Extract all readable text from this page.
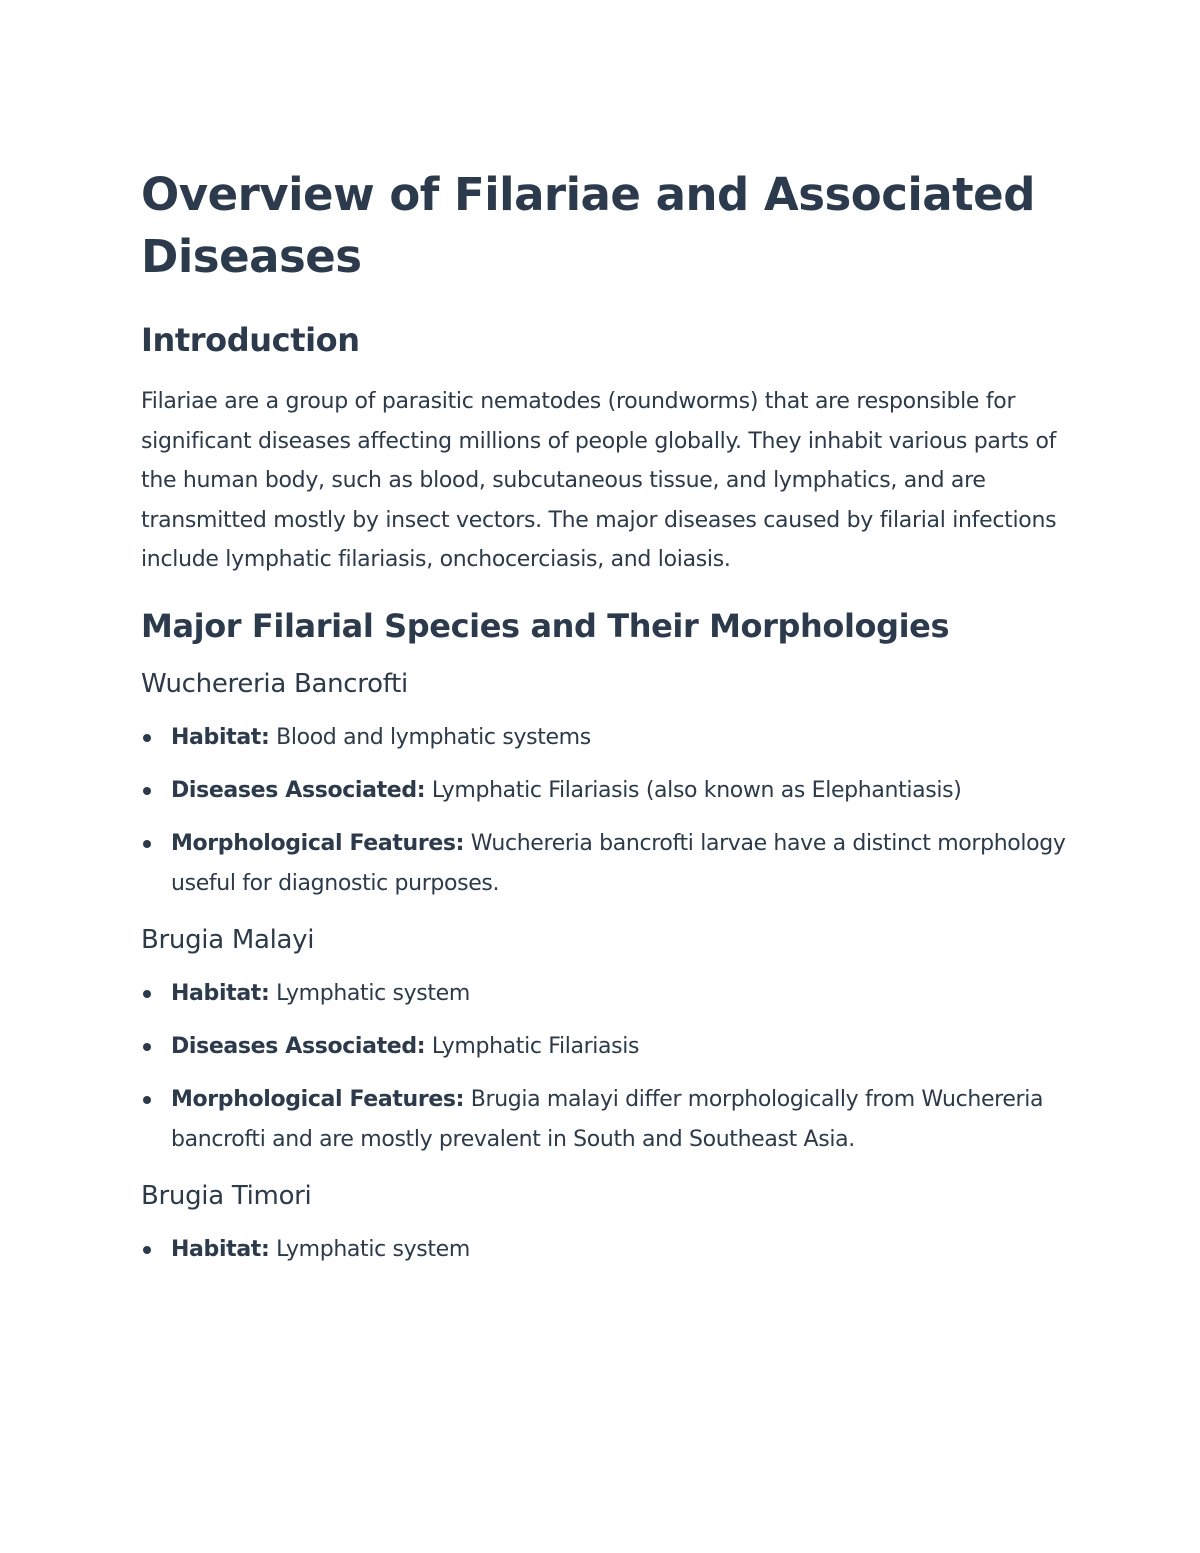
Overview of Filariae and Associated Diseases
Introduction

Filariae are a group of parasitic nematodes (roundworms) that are responsible for significant diseases affecting millions of people globally. They inhabit various parts of the human body, such as blood, subcutaneous tissue, and lymphatics, and are transmitted mostly by insect vectors. The major diseases caused by filarial infections include lymphatic filariasis, onchocerciasis, and loiasis.

Major Filarial Species and Their Morphologies
Wuchereria Bancrofti
Habitat: Blood and lymphatic systems
Diseases Associated: Lymphatic Filariasis (also known as Elephantiasis)
Morphological Features: Wuchereria bancrofti larvae have a distinct morphology useful for diagnostic purposes.
Brugia Malayi
Habitat: Lymphatic system
Diseases Associated: Lymphatic Filariasis
Morphological Features: Brugia malayi differ morphologically from Wuchereria bancrofti and are mostly prevalent in South and Southeast Asia.
Brugia Timori
Habitat: Lymphatic system
